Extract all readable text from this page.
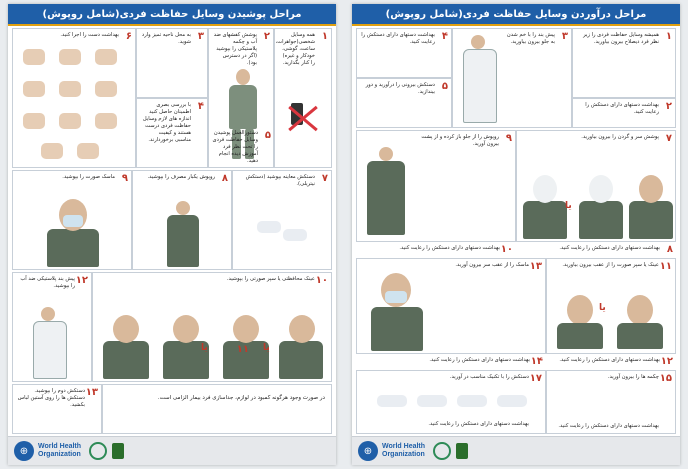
مراحل پوشیدن وسایل حفاظت فردی(شامل روپوش)
۱
همه وسایل شخصی(جواهرات، ساعت، گوشی، خودکار و غیره) را کنار بگذارید.
۲
پوشش کفشهای ضد آب و چکمه پلاستیکی را بپوشید (اگر در دسترس بود).
۳
به محل ناحیه تمیز وارد شوید.
۴
با بررسی بصری اطمینان حاصل کنید اندازه های لازم وسایل حفاظت فردی درست هستند و کیفیت مناسبی برخوردارند.
۶
بهداشت دست را اجرا کنید.
دستورالعمل پوشیدن وسایل حفاظت فردی را تحت نظر فرد آموزش دیده انجام دهید.
۵
۷
دستکش معاینه بپوشید (دستکش نیتریلی).
۸
روپوش یکبار مصرف را بپوشید.
۹
ماسک صورت را بپوشید.
۱۰
عینک محافظتی یا سپر صورتی را بپوشید.
یا	یا
۱۲
پیش بند پلاستیکی ضد آب را بپوشید.
۱۱
در صورت وجود هرگونه کمبود در لوازم، جداسازی فرد بیمار الزامی است.
۱۳
دستکش دوم را بپوشید. دستکش ها را روی آستین لباس بکشید.
⊕	World Health
Organization
مراحل درآوردن وسایل حفاظت فردی(شامل روپوش)
۱
همیشه وسایل حفاظت فردی را زیر نظر فرد ذیصلاح بیرون بیاورید.
۲
بهداشت دستهای دارای دستکش را رعایت کنید.
۳
پیش بند را با خم شدن به جلو بیرون بیاورید.
۴
بهداشت دستهای دارای دستکش را رعایت کنید.
۵
دستکش بیرونی را درآورید و دور بیندازید.
۷
پوشش سر و گردن را بیرون بیاورید.
یا
۹
روپوش را از جلو باز کرده و از پشت بیرون آورید.
۸
بهداشت دستهای دارای دستکش را رعایت کنید.
۱۰
بهداشت دستهای دارای دستکش را رعایت کنید.
۱۱
عینک یا سپر صورت را از عقب بیرون بیاورید.
یا
۱۳
ماسک را از عقب سر بیرون آورید.
۱۲
بهداشت دستهای دارای دستکش را رعایت کنید.
۱۴
بهداشت دستهای دارای دستکش را رعایت کنید.
۱۵
چکمه ها را بیرون آورید.
بهداشت دستهای دارای دستکش را رعایت کنید.
۱۷
دستکش را با تکنیک مناسب در آورید.
بهداشت دستهای دارای دستکش را رعایت کنید.
⊕	World Health
Organization
